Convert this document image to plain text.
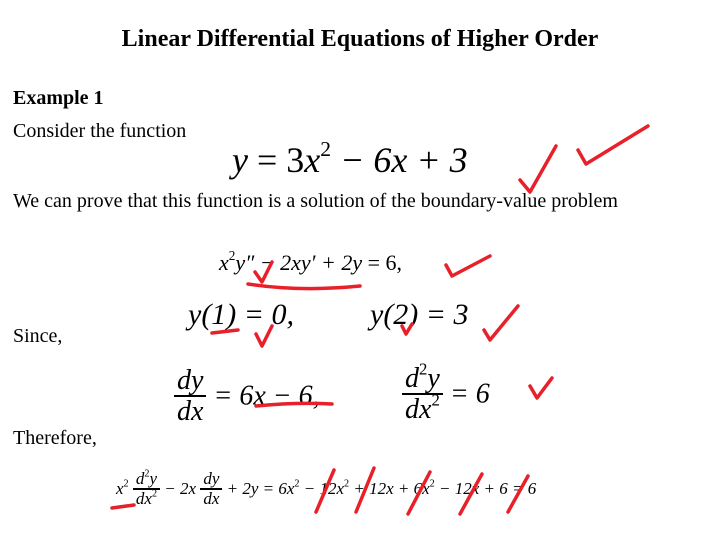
Linear Differential Equations of Higher Order
Example 1
Consider the function
$y = 3x^2 - 6x + 3$
We can prove that this function is a solution of the boundary-value problem
$x^2y'' - 2xy' + 2y = 6$,
y(1) = 0,	y(2) = 3
Since,
$\frac{dy}{dx} = 6x - 6$,	$\frac{d^2y}{dx^2} = 6$
Therefore,
$x^2 \frac{d^2y}{dx^2} - 2x \frac{dy}{dx} + 2y = 6x^2 - 12x^2 + 12x + 6x^2 - 12x + 6 = 6$
